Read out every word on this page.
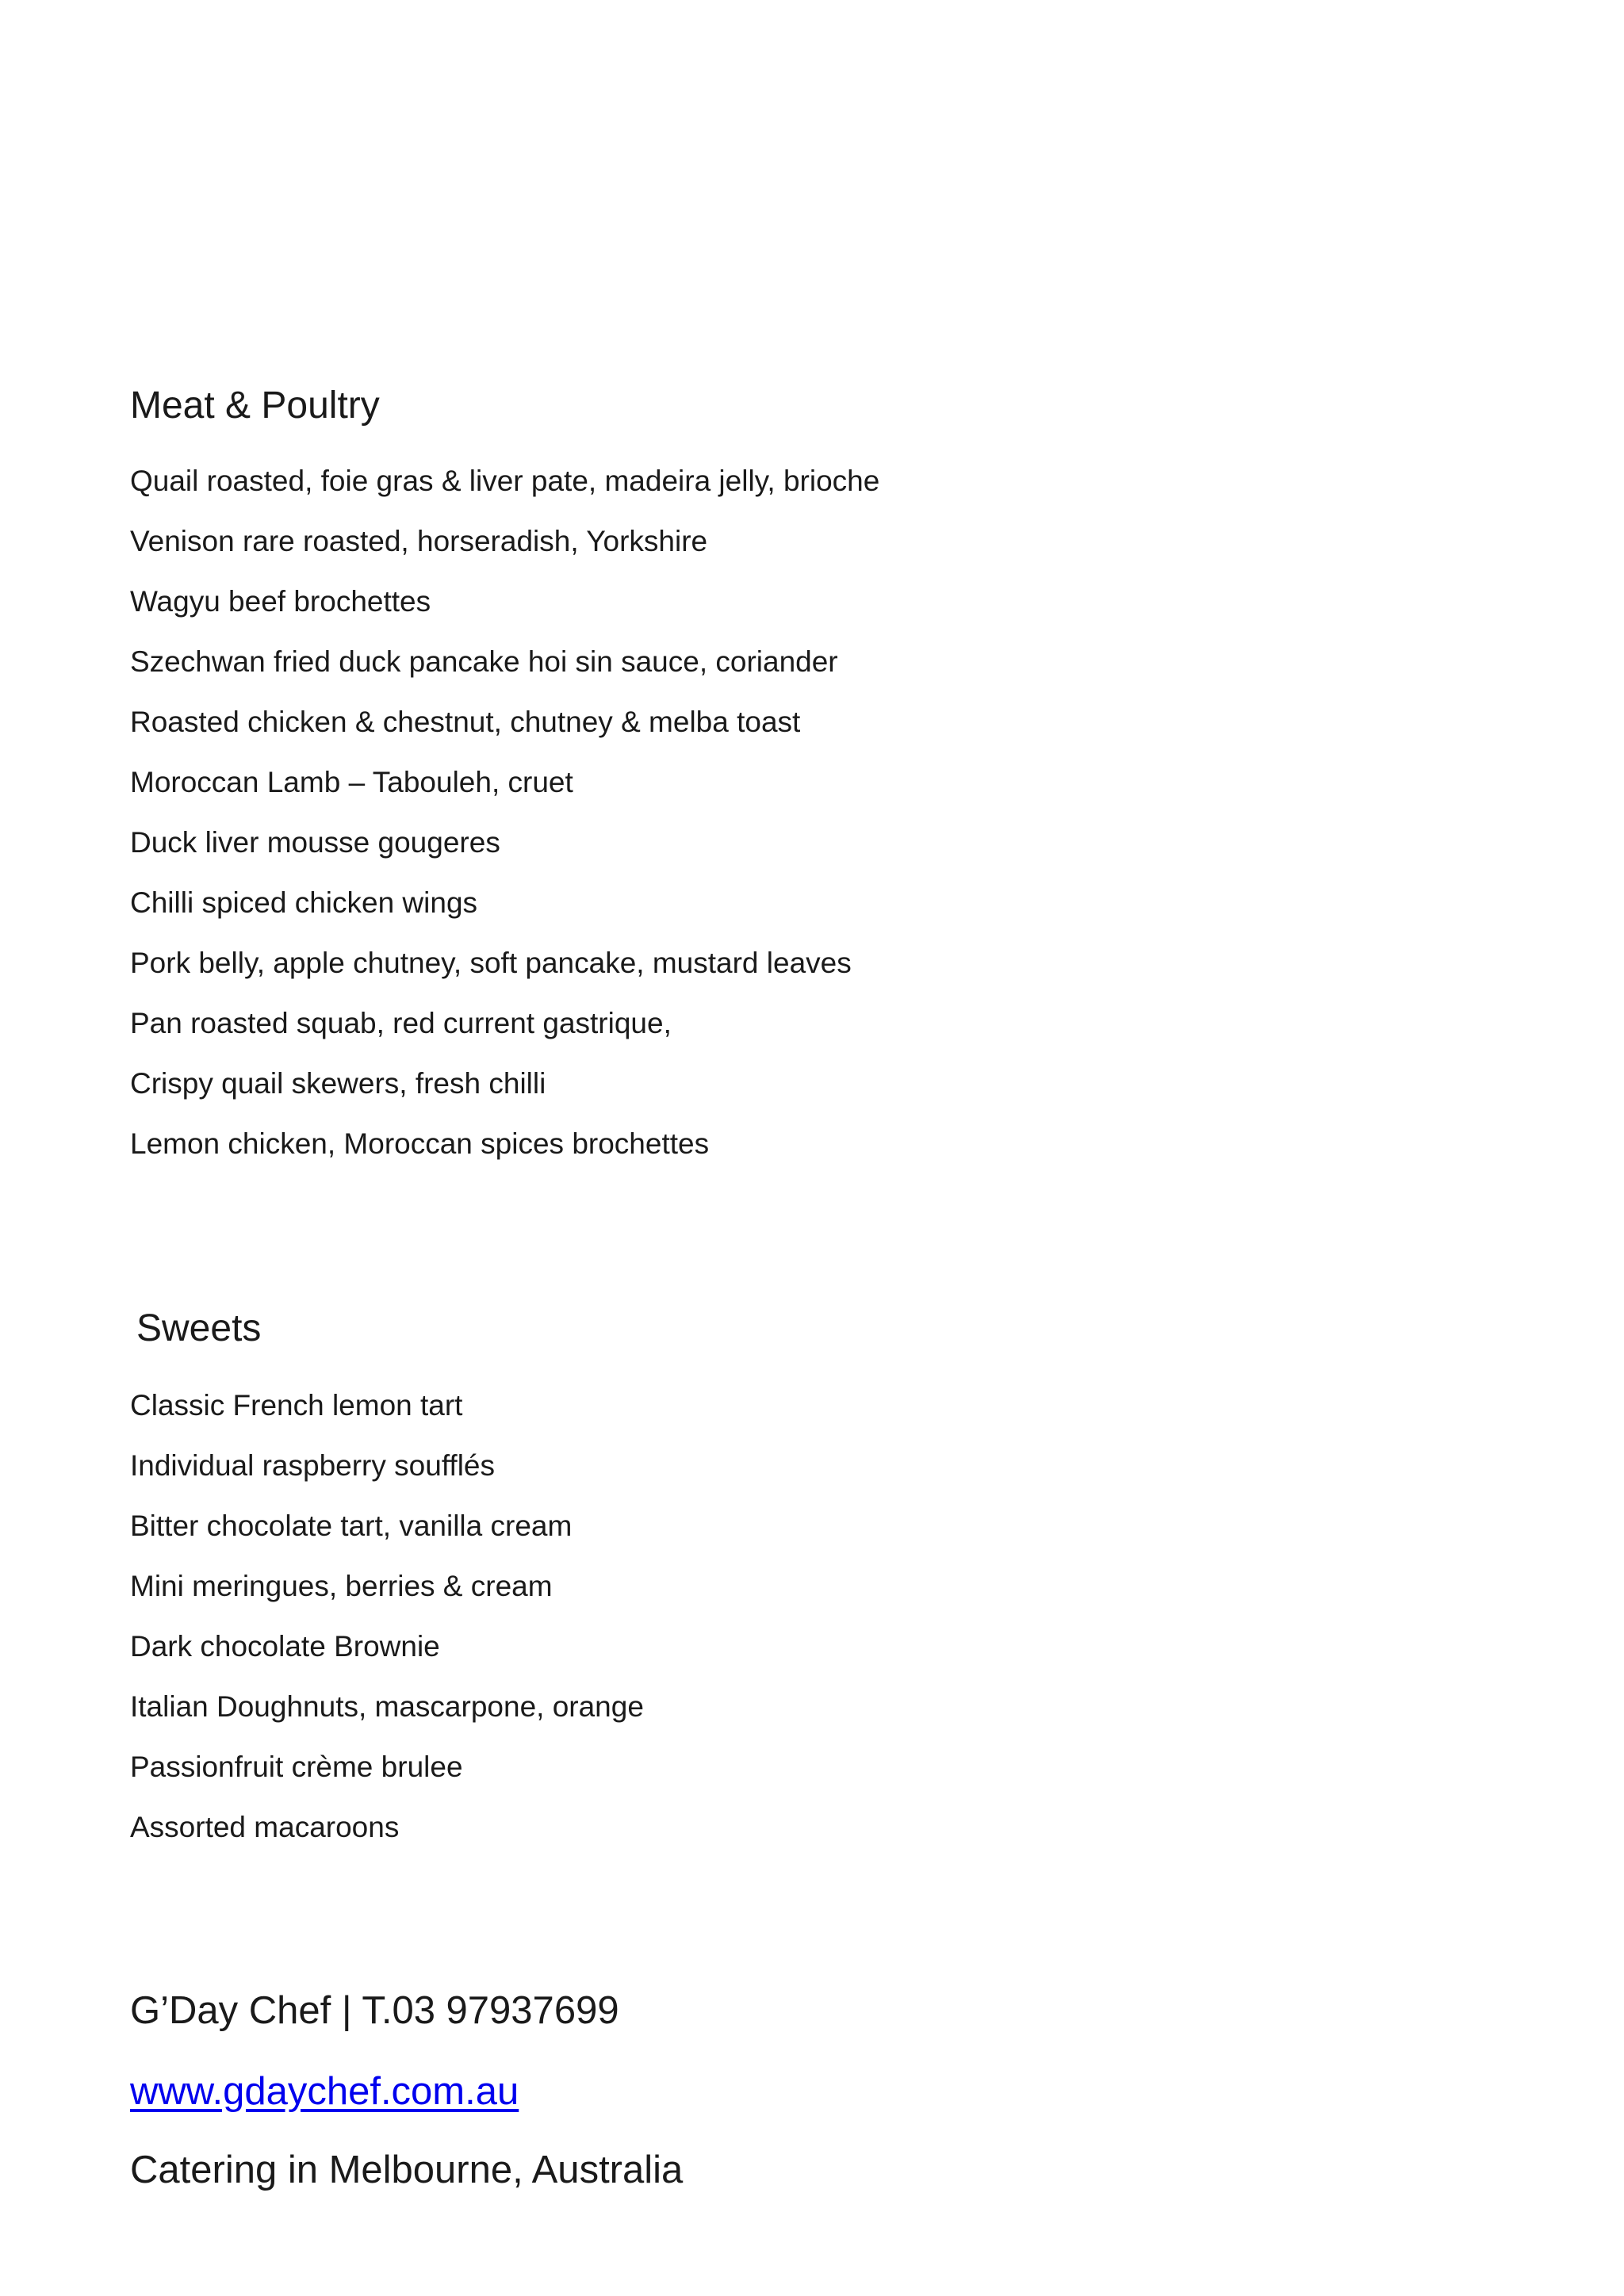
Meat & Poultry
Quail roasted, foie gras & liver pate, madeira jelly, brioche
Venison rare roasted, horseradish, Yorkshire
Wagyu beef brochettes
Szechwan fried duck pancake hoi sin sauce, coriander
Roasted chicken & chestnut, chutney & melba toast
Moroccan Lamb – Tabouleh, cruet
Duck liver mousse gougeres
Chilli spiced chicken wings
Pork belly, apple chutney, soft pancake, mustard leaves
Pan roasted squab, red current gastrique,
Crispy quail skewers, fresh chilli
Lemon chicken, Moroccan spices brochettes
Sweets
Classic French lemon tart
Individual raspberry soufflés
Bitter chocolate tart, vanilla cream
Mini meringues, berries & cream
Dark chocolate Brownie
Italian Doughnuts, mascarpone, orange
Passionfruit crème brulee
Assorted macaroons

G’Day Chef | T.03 97937699

www.gdaychef.com.au

Catering in Melbourne, Australia
